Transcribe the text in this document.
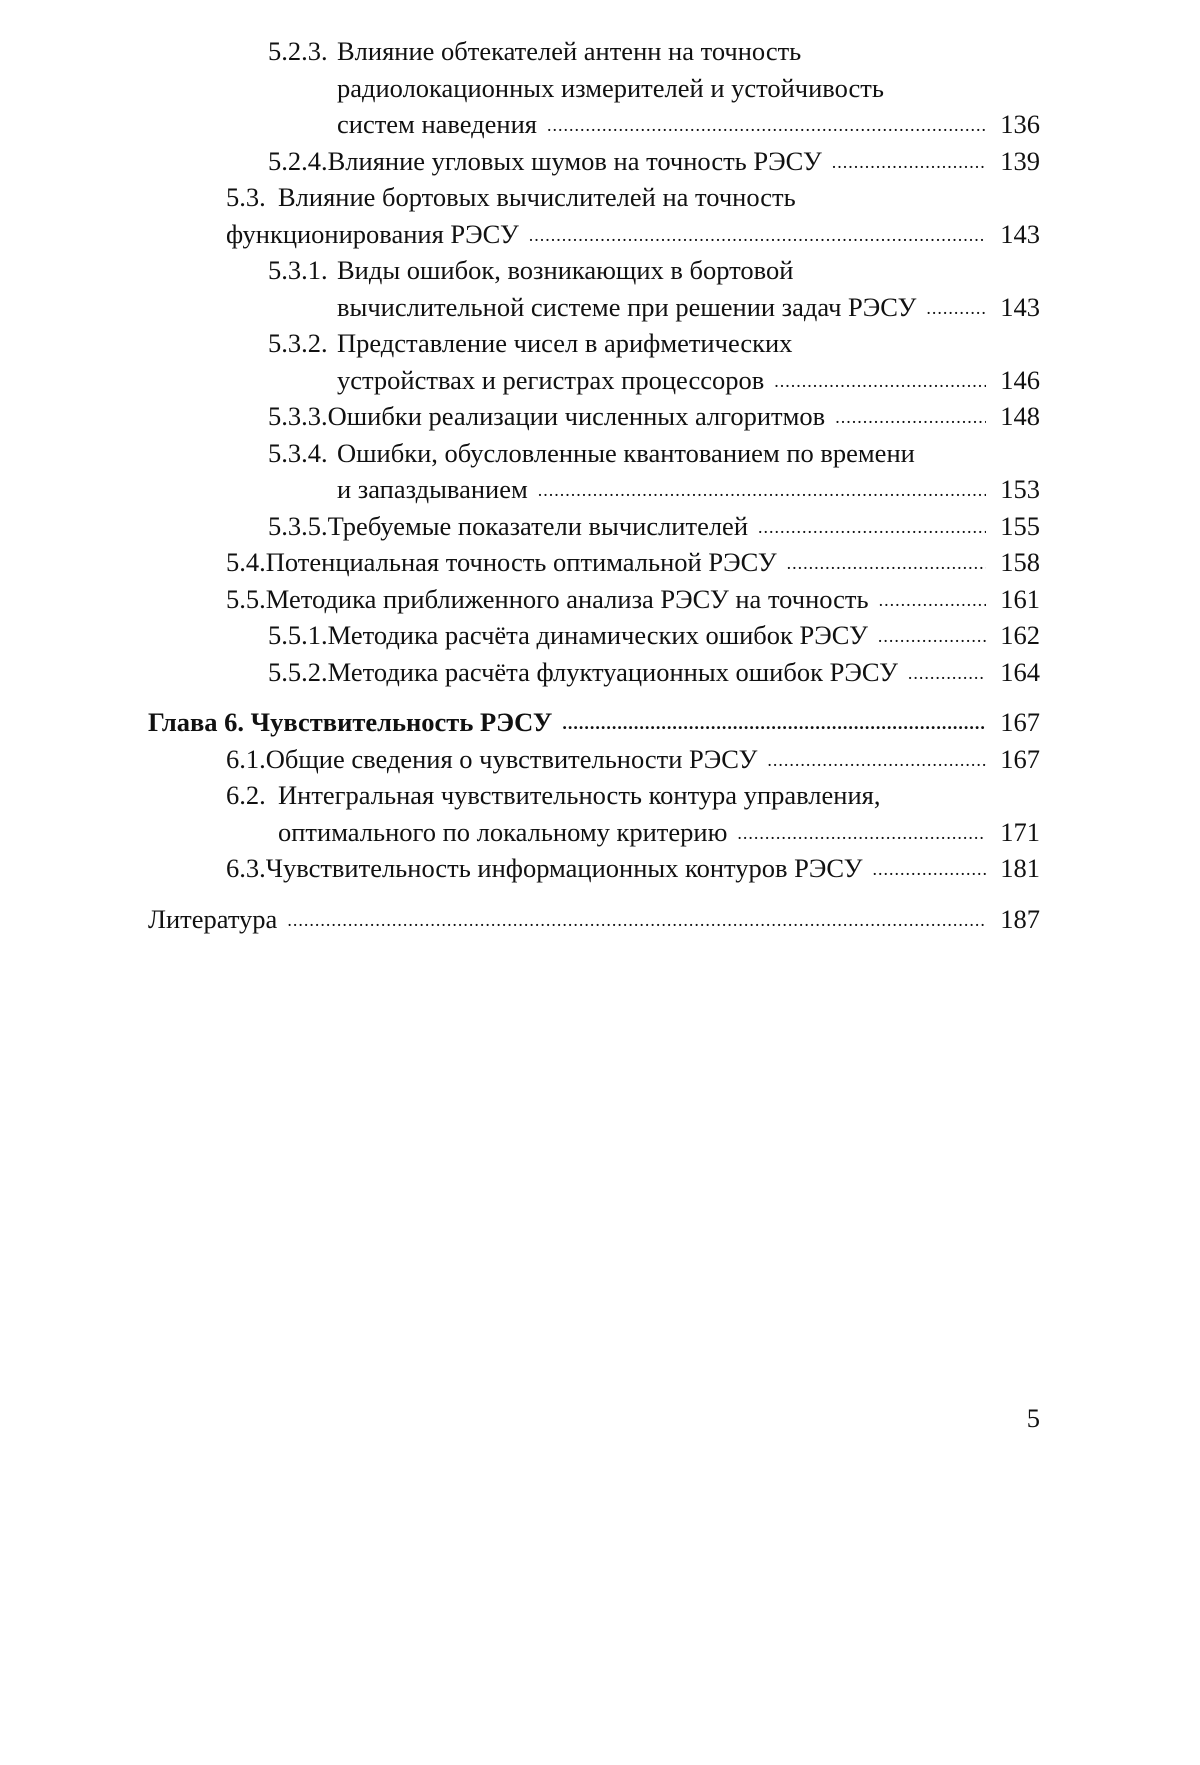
5.2.3. Влияние обтекателей антенн на точность
радиолокационных измерителей и устойчивость
систем наведения .....	136
5.2.4. Влияние угловых шумов на точность РЭСУ .....	139
5.3. Влияние бортовых вычислителей на точность
функционирования РЭСУ .....	143
5.3.1. Виды ошибок, возникающих в бортовой
вычислительной системе при решении задач РЭСУ .....	143
5.3.2. Представление чисел в арифметических
устройствах и регистрах процессоров .....	146
5.3.3. Ошибки реализации численных алгоритмов .....	148
5.3.4. Ошибки, обусловленные квантованием по времени
и запаздыванием .....	153
5.3.5. Требуемые показатели вычислителей .....	155
5.4. Потенциальная точность оптимальной РЭСУ .....	158
5.5. Методика приближенного анализа РЭСУ на точность .....	161
5.5.1. Методика расчёта динамических ошибок РЭСУ .....	162
5.5.2. Методика расчёта флуктуационных ошибок РЭСУ .....	164
Глава 6. Чувствительность РЭСУ .....	167
6.1. Общие сведения о чувствительности РЭСУ .....	167
6.2. Интегральная чувствительность контура управления,
оптимального по локальному критерию .....	171
6.3. Чувствительность информационных контуров РЭСУ .....	181
Литература .....	187
5
